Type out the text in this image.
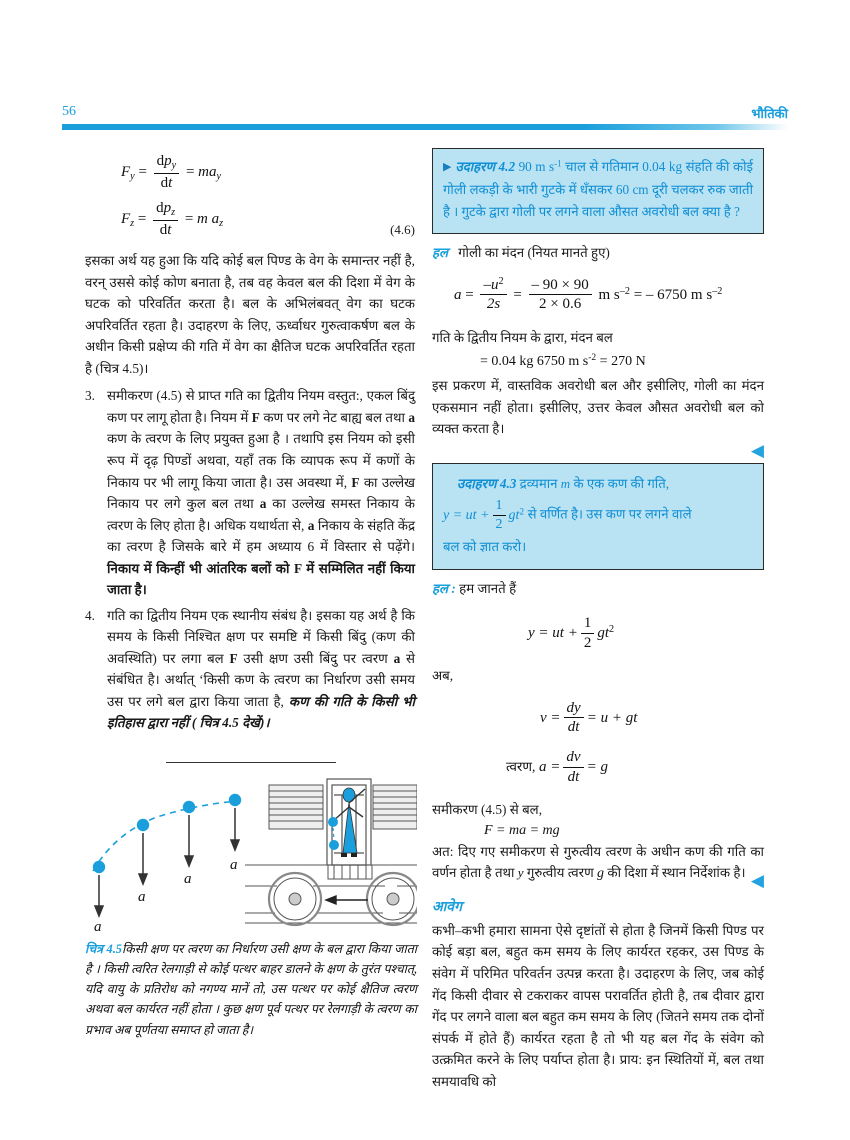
56	भौतिकी
$F_y = \frac{dp_y}{dt} = ma_y$
$F_z = \frac{dp_z}{dt} = m$ $a_z$	(4.6)

इसका अर्थ यह हुआ कि यदि कोई बल पिण्ड के वेग के समान्तर नहीं है, वरन् उससे कोई कोण बनाता है, तब वह केवल बल की दिशा में वेग के घटक को परिवर्तित करता है। बल के अभिलंबवत् वेग का घटक अपरिवर्तित रहता है। उदाहरण के लिए, ऊर्ध्वाधर गुरुत्वाकर्षण बल के अधीन किसी प्रक्षेप्य की गति में वेग का क्षैतिज घटक अपरिवर्तित रहता है (चित्र 4.5)।

3. समीकरण (4.5) से प्राप्त गति का द्वितीय नियम वस्तुत:, एकल बिंदु कण पर लागू होता है। नियम में F कण पर लगे नेट बाह्य बल तथा a कण के त्वरण के लिए प्रयुक्त हुआ है । तथापि इस नियम को इसी रूप में दृढ़ पिण्डों अथवा, यहाँ तक कि व्यापक रूप में कणों के निकाय पर भी लागू किया जाता है। उस अवस्था में, F का उल्लेख निकाय पर लगे कुल बल तथा a का उल्लेख समस्त निकाय के त्वरण के लिए होता है। अधिक यथार्थता से, a निकाय के संहति केंद्र का त्वरण है जिसके बारे में हम अध्याय 6 में विस्तार से पढ़ेंगे। निकाय में किन्हीं भी आंतरिक बलों को F में सम्मिलित नहीं किया जाता है।
4. गति का द्वितीय नियम एक स्थानीय संबंध है। इसका यह अर्थ है कि समय के किसी निश्चित क्षण पर समष्टि में किसी बिंदु (कण की अवस्थिति) पर लगा बल F उसी क्षण उसी बिंदु पर त्वरण a से संबंधित है। अर्थात् ‘किसी कण के त्वरण का निर्धारण उसी समय उस पर लगे बल द्वारा किया जाता है, कण की गति के किसी भी इतिहास द्वारा नहीं ( चित्र 4.5 देखें)।
a
a
a
a

चित्र 4.5किसी क्षण पर त्वरण का निर्धारण उसी क्षण के बल द्वारा किया जाता है । किसी त्वरित रेलगाड़ी से कोई पत्थर बाहर डालने के क्षण के तुरंत पश्चात्, यदि वायु के प्रतिरोध को नगण्य मानें तो, उस पत्थर पर कोई क्षैतिज त्वरण अथवा बल कार्यरत नहीं होता । कुछ क्षण पूर्व पत्थर पर रेलगाड़ी के त्वरण का प्रभाव अब पूर्णतया समाप्त हो जाता है।

▶ उदाहरण 4.2 90 m $s^{-1}$ चाल से गतिमान 0.04 kg संहति की कोई गोली लकड़ी के भारी गुटके में धँसकर 60 cm दूरी चलकर रुक जाती है । गुटके द्वारा गोली पर लगने वाला औसत अवरोधी बल क्या है ?

हल गोली का मंदन (नियत मानते हुए)

$a = \frac{-u^2}{2s} = \frac{- 90 \times 90}{2 \times 0.6}$ m $s^{-2}$ = – 6750 m $s^{-2}$

गति के द्वितीय नियम के द्वारा, मंदन बल

= 0.04 kg 6750 m $s^{-2} = 270$ N

इस प्रकरण में, वास्तविक अवरोधी बल और इसीलिए, गोली का मंदन एकसमान नहीं होता। इसीलिए, उत्तर केवल औसत अवरोधी बल को व्यक्त करता है।

◀
उदाहरण 4.3 द्रव्यमान m के एक कण की गति,
y = ut + $\frac{1}{2} gt^2$ से वर्णित है। उस कण पर लगने वाले
बल को ज्ञात करो।

हल : हम जानते हैं

y = ut + $\frac{1}{2} gt^2$

अब,

$v = \frac{dy}{dt} = u$ + gt
त्वरण, $a = \frac{dv}{dt} = g$

समीकरण (4.5) से बल,

F = ma = mg

अत: दिए गए समीकरण से गुरुत्वीय त्वरण के अधीन कण की गति का वर्णन होता है तथा y गुरुत्वीय त्वरण g की दिशा में स्थान निर्देशांक है। ◀
आवेग

कभी–कभी हमारा सामना ऐसे दृष्टांतों से होता है जिनमें किसी पिण्ड पर कोई बड़ा बल, बहुत कम समय के लिए कार्यरत रहकर, उस पिण्ड के संवेग में परिमित परिवर्तन उत्पन्न करता है। उदाहरण के लिए, जब कोई गेंद किसी दीवार से टकराकर वापस परावर्तित होती है, तब दीवार द्वारा गेंद पर लगने वाला बल बहुत कम समय के लिए (जितने समय तक दोनों संपर्क में होते हैं) कार्यरत रहता है तो भी यह बल गेंद के संवेग को उत्क्रमित करने के लिए पर्याप्त होता है। प्राय: इन स्थितियों में, बल तथा समयावधि को
